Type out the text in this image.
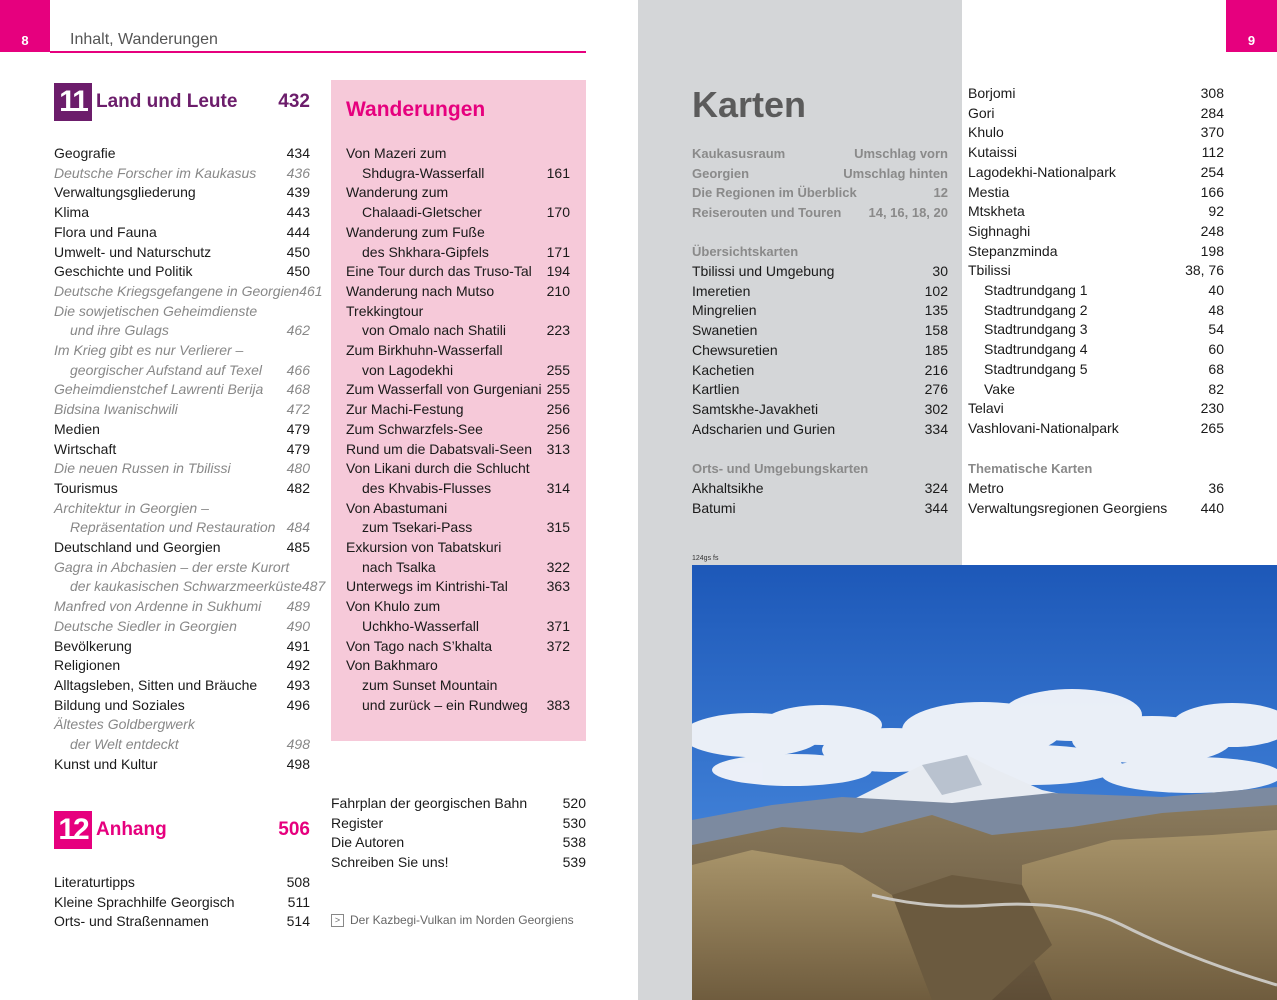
8	Inhalt, Wanderungen
11 Land und Leute 432
Geografie	434
Deutsche Forscher im Kaukasus 436
Verwaltungsgliederung	439
Klima	443
Flora und Fauna	444
Umwelt- und Naturschutz	450
Geschichte und Politik	450
Deutsche Kriegsgefangene in Georgien 461
Die sowjetischen Geheimdienste
und ihre Gulags	462
Im Krieg gibt es nur Verlierer –
georgischer Aufstand auf Texel 466
Geheimdienstchef Lawrenti Berija 468
Bidsina Iwanischwili	472
Medien	479
Wirtschaft	479
Die neuen Russen in Tbilissi	480
Tourismus	482
Architektur in Georgien –
Repräsentation und Restauration 484
Deutschland und Georgien	485
Gagra in Abchasien – der erste Kurort
der kaukasischen Schwarzmeerküste 487
Manfred von Ardenne in Sukhumi 489
Deutsche Siedler in Georgien	490
Bevölkerung	491
Religionen	492
Alltagsleben, Sitten und Bräuche 493
Bildung und Soziales	496
Ältestes Goldbergwerk
der Welt entdeckt	498
Kunst und Kultur	498
Wanderungen
Von Mazeri zum
Shdugra-Wasserfall	161
Wanderung zum
Chalaadi-Gletscher	170
Wanderung zum Fuße
des Shkhara-Gipfels	171
Eine Tour durch das Truso-Tal 194
Wanderung nach Mutso	210
Trekkingtour
von Omalo nach Shatili	223
Zum Birkhuhn-Wasserfall
von Lagodekhi	255
Zum Wasserfall von Gurgeniani 255
Zur Machi-Festung	256
Zum Schwarzfels-See	256
Rund um die Dabatsvali-Seen 313
Von Likani durch die Schlucht
des Khvabis-Flusses	314
Von Abastumani
zum Tsekari-Pass	315
Exkursion von Tabatskuri
nach Tsalka	322
Unterwegs im Kintrishi-Tal	363
Von Khulo zum
Uchkho-Wasserfall	371
Von Tago nach S’khalta	372
Von Bakhmaro
zum Sunset Mountain
und zurück – ein Rundweg 383
12 Anhang	506
Literaturtipps	508
Kleine Sprachhilfe Georgisch	511
Orts- und Straßennamen	514
Fahrplan der georgischen Bahn	520
Register	530
Die Autoren	538
Schreiben Sie uns!	539
> Der Kazbegi-Vulkan im Norden Georgiens
9
Karten
Kaukasusraum	Umschlag vorn
Georgien	Umschlag hinten
Die Regionen im Überblick	12
Reiserouten und Touren 14, 16, 18, 20
Übersichtskarten
Tbilissi und Umgebung	30
Imeretien	102
Mingrelien	135
Swanetien	158
Chewsuretien	185
Kachetien	216
Kartlien	276
Samtskhe-Javakheti	302
Adscharien und Gurien	334
Orts- und Umgebungskarten
Akhaltsikhe	324
Batumi	344
Borjomi	308
Gori	284
Khulo	370
Kutaissi	112
Lagodekhi-Nationalpark	254
Mestia	166
Mtskheta	92
Sighnaghi	248
Stepanzminda	198
Tbilissi	38, 76
Stadtrundgang 1	40
Stadtrundgang 2	48
Stadtrundgang 3	54
Stadtrundgang 4	60
Stadtrundgang 5	68
Vake	82
Telavi	230
Vashlovani-Nationalpark	265
Thematische Karten
Metro	36
Verwaltungsregionen Georgiens 440
124gs fs
